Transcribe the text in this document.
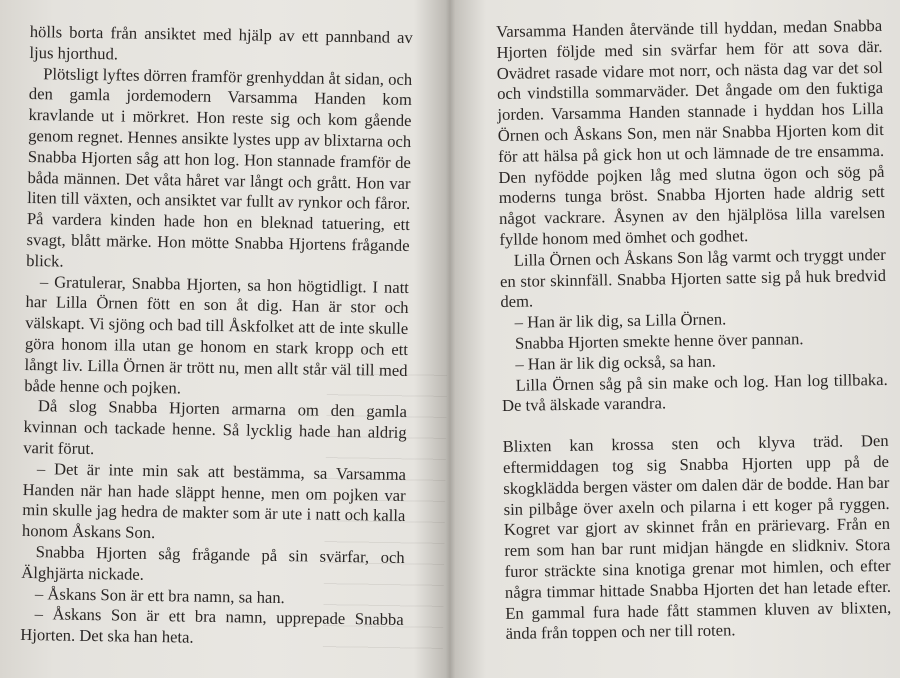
hölls borta från ansiktet med hjälp av ett pannband av ljus hjorthud.

Plötsligt lyftes dörren framför grenhyddan åt sidan, och den gamla jordemodern Varsamma Handen kom kravlande ut i mörkret. Hon reste sig och kom gående genom regnet. Hennes ansikte lystes upp av blixtarna och Snabba Hjorten såg att hon log. Hon stannade framför de båda männen. Det våta håret var långt och grått. Hon var liten till växten, och ansiktet var fullt av rynkor och fåror. På vardera kinden hade hon en bleknad tatuering, ett svagt, blått märke. Hon mötte Snabba Hjortens frågande blick.

– Gratulerar, Snabba Hjorten, sa hon högtidligt. I natt har Lilla Örnen fött en son åt dig. Han är stor och välskapt. Vi sjöng och bad till Åskfolket att de inte skulle göra honom illa utan ge honom en stark kropp och ett långt liv. Lilla Örnen är trött nu, men allt står väl till med både henne och pojken.

Då slog Snabba Hjorten armarna om den gamla kvinnan och tackade henne. Så lycklig hade han aldrig varit förut.

– Det är inte min sak att bestämma, sa Varsamma Handen när han hade släppt henne, men om pojken var min skulle jag hedra de makter som är ute i natt och kalla honom Åskans Son.

Snabba Hjorten såg frågande på sin svärfar, och Älghjärta nickade.

– Åskans Son är ett bra namn, sa han.

– Åskans Son är ett bra namn, upprepade Snabba Hjorten. Det ska han heta.

Varsamma Handen återvände till hyddan, medan Snabba Hjorten följde med sin svärfar hem för att sova där. Ovädret rasade vidare mot norr, och nästa dag var det sol och vindstilla sommarväder. Det ångade om den fuktiga jorden. Varsamma Handen stannade i hyddan hos Lilla Örnen och Åskans Son, men när Snabba Hjorten kom dit för att hälsa på gick hon ut och lämnade de tre ensamma. Den nyfödde pojken låg med slutna ögon och sög på moderns tunga bröst. Snabba Hjorten hade aldrig sett något vackrare. Åsynen av den hjälplösa lilla varelsen fyllde honom med ömhet och godhet.

Lilla Örnen och Åskans Son låg varmt och tryggt under en stor skinnfäll. Snabba Hjorten satte sig på huk bredvid dem.

– Han är lik dig, sa Lilla Örnen.

Snabba Hjorten smekte henne över pannan.

– Han är lik dig också, sa han.

Lilla Örnen såg på sin make och log. Han log tillbaka. De två älskade varandra.

Blixten kan krossa sten och klyva träd. Den eftermiddagen tog sig Snabba Hjorten upp på de skogklädda bergen väster om dalen där de bodde. Han bar sin pilbåge över axeln och pilarna i ett koger på ryggen. Kogret var gjort av skinnet från en prärievarg. Från en rem som han bar runt midjan hängde en slidkniv. Stora furor sträckte sina knotiga grenar mot himlen, och efter några timmar hittade Snabba Hjorten det han letade efter. En gammal fura hade fått stammen kluven av blixten, ända från toppen och ner till roten.
